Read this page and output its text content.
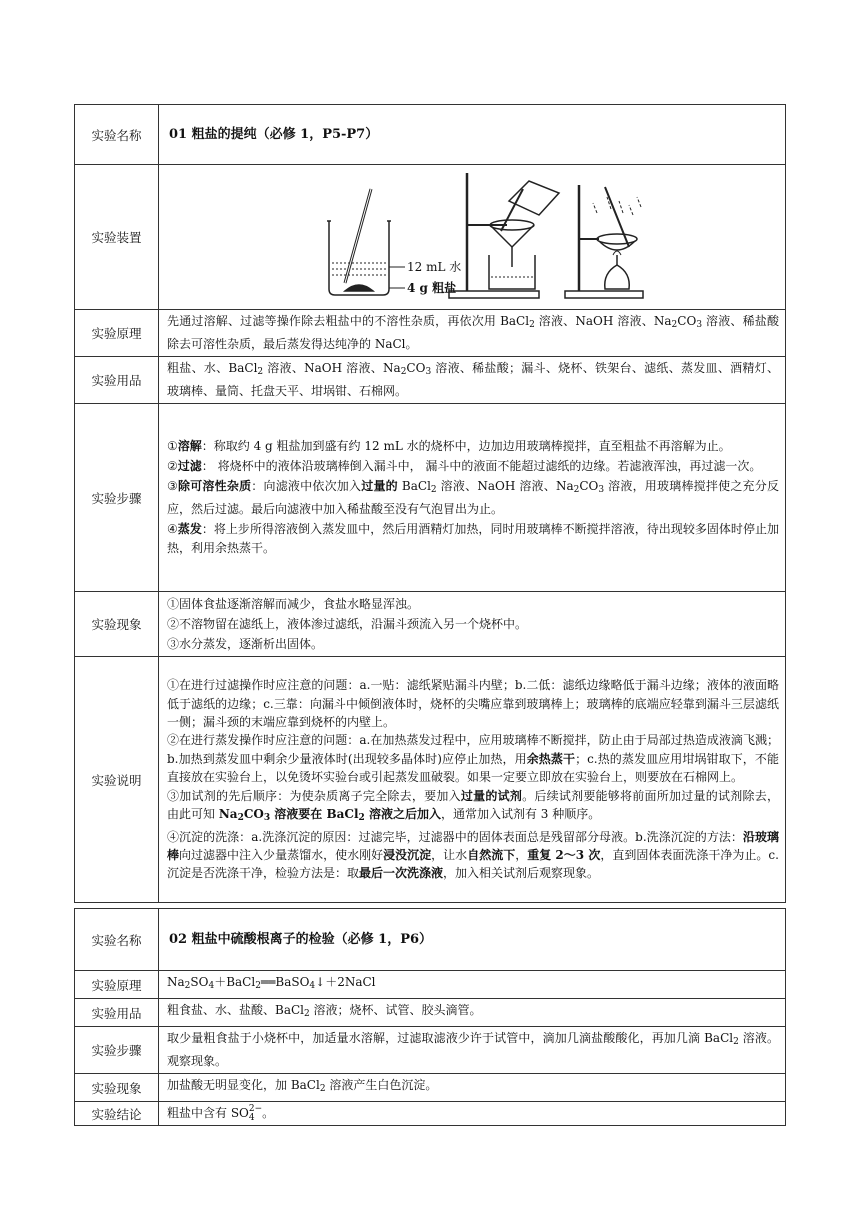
实验名称	01 粗盐的提纯（必修 1，P5-P7）
实验装置	12 mL 水
4 g 粗盐

实验原理	先通过溶解、过滤等操作除去粗盐中的不溶性杂质，再依次用 BaCl$_2$ 溶液、NaOH 溶液、$Na_2CO_3$ 溶液、稀盐酸除去可溶性杂质，最后蒸发得达纯净的 NaCl。
实验用品	粗盐、水、BaCl$_2$ 溶液、NaOH 溶液、$Na_2CO_3$ 溶液、稀盐酸；漏斗、烧杯、铁架台、滤纸、蒸发皿、酒精灯、玻璃棒、量筒、托盘天平、坩埚钳、石棉网。
实验步骤	①溶解：称取约 4 g 粗盐加到盛有约 12 mL 水的烧杯中，边加边用玻璃棒搅拌，直至粗盐不再溶解为止。

②过滤： 将烧杯中的液体沿玻璃棒倒入漏斗中， 漏斗中的液面不能超过滤纸的边缘。若滤液浑浊，再过滤一次。

③除可溶性杂质：向滤液中依次加入过量的 BaCl$_2$ 溶液、NaOH 溶液、$Na_2CO_3$ 溶液，用玻璃棒搅拌使之充分反应，然后过滤。最后向滤液中加入稀盐酸至没有气泡冒出为止。

④蒸发：将上步所得溶液倒入蒸发皿中，然后用酒精灯加热，同时用玻璃棒不断搅拌溶液，待出现较多固体时停止加热，利用余热蒸干。

实验现象	①固体食盐逐渐溶解而减少，食盐水略显浑浊。

②不溶物留在滤纸上，液体渗过滤纸，沿漏斗颈流入另一个烧杯中。

③水分蒸发，逐渐析出固体。

实验说明	①在进行过滤操作时应注意的问题：a.一贴：滤纸紧贴漏斗内壁；b.二低：滤纸边缘略低于漏斗边缘；液体的液面略低于滤纸的边缘；c.三靠：向漏斗中倾倒液体时，烧杯的尖嘴应靠到玻璃棒上；玻璃棒的底端应轻靠到漏斗三层滤纸一侧；漏斗颈的末端应靠到烧杯的内壁上。

②在进行蒸发操作时应注意的问题：a.在加热蒸发过程中，应用玻璃棒不断搅拌，防止由于局部过热造成液滴飞溅；b.加热到蒸发皿中剩余少量液体时(出现较多晶体时)应停止加热，用余热蒸干；c.热的蒸发皿应用坩埚钳取下，不能直接放在实验台上，以免烫坏实验台或引起蒸发皿破裂。如果一定要立即放在实验台上，则要放在石棉网上。

③加试剂的先后顺序：为使杂质离子完全除去，要加入过量的试剂。后续试剂要能够将前面所加过量的试剂除去，由此可知 $Na_2CO_3$ 溶液要在 BaCl$_2$ 溶液之后加入，通常加入试剂有 3 种顺序。

④沉淀的洗涤：a.洗涤沉淀的原因：过滤完毕，过滤器中的固体表面总是残留部分母液。b.洗涤沉淀的方法：沿玻璃棒向过滤器中注入少量蒸馏水，使水刚好浸没沉淀，让水自然流下，重复 2～3 次，直到固体表面洗涤干净为止。c.沉淀是否洗涤干净，检验方法是：取最后一次洗涤液，加入相关试剂后观察现象。

实验名称	02 粗盐中硫酸根离子的检验（必修 1，P6）
实验原理	$Na_2SO_4+BaCl_2══BaSO_4↓+2NaCl$
实验用品	粗食盐、水、盐酸、BaCl$_2$ 溶液；烧杯、试管、胶头滴管。
实验步骤	取少量粗食盐于小烧杯中，加适量水溶解，过滤取滤液少许于试管中，滴加几滴盐酸酸化，再加几滴 BaCl$_2$ 溶液。观察现象。
实验现象	加盐酸无明显变化，加 BaCl$_2$ 溶液产生白色沉淀。
实验结论	粗盐中含有 SO 2−
4 。
